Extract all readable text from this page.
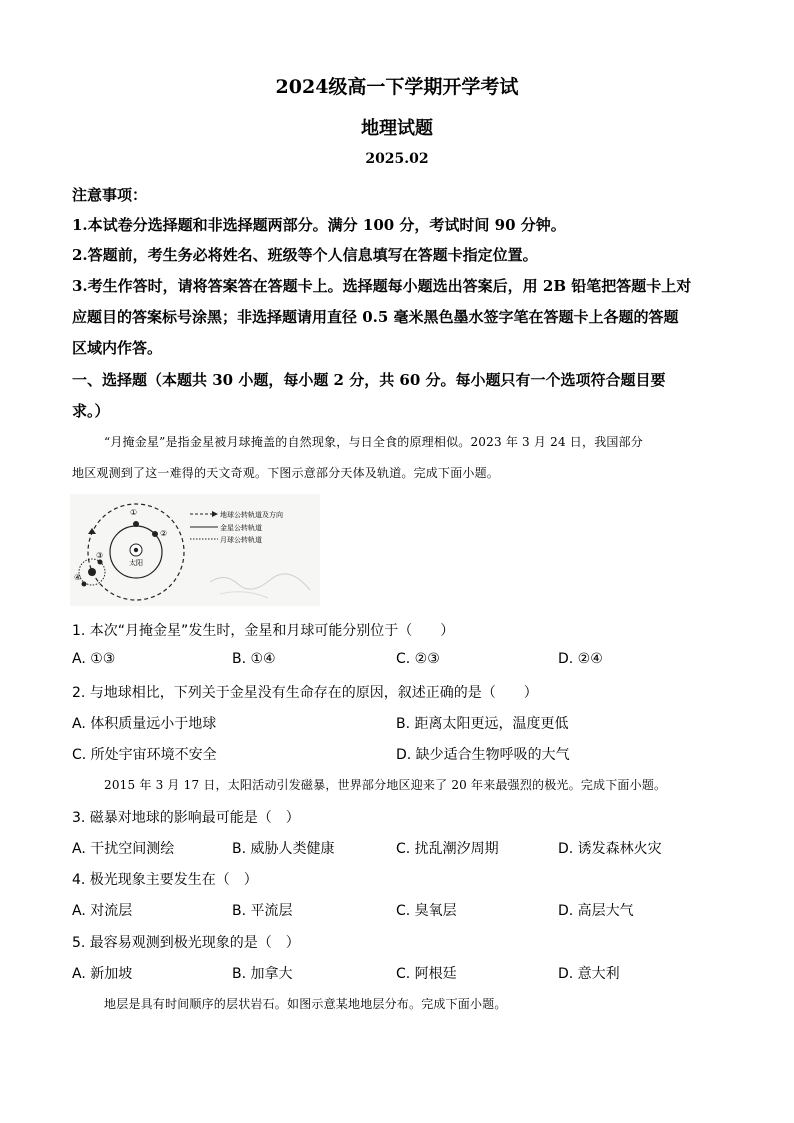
2024级高一下学期开学考试
地理试题
2025.02
注意事项：
1.本试卷分选择题和非选择题两部分。满分 100 分，考试时间 90 分钟。
2.答题前，考生务必将姓名、班级等个人信息填写在答题卡指定位置。
3.考生作答时，请将答案答在答题卡上。选择题每小题选出答案后，用 2B 铅笔把答题卡上对
应题目的答案标号涂黑；非选择题请用直径 0.5 毫米黑色墨水签字笔在答题卡上各题的答题
区域内作答。
一、选择题（本题共 30 小题，每小题 2 分，共 60 分。每小题只有一个选项符合题目要
求。）
“月掩金星”是指金星被月球掩盖的自然现象，与日全食的原理相似。2023 年 3 月 24 日，我国部分
地区观测到了这一难得的天文奇观。下图示意部分天体及轨道。完成下面小题。
太阳
①
②
③
④
地球公转轨道及方向
金星公转轨道
月球公转轨道
1. 本次“月掩金星”发生时，金星和月球可能分别位于（　　）
A. ①③	B. ①④	C. ②③	D. ②④
2. 与地球相比，下列关于金星没有生命存在的原因，叙述正确的是（　　）
A. 体积质量远小于地球	B. 距离太阳更远，温度更低
C. 所处宇宙环境不安全	D. 缺少适合生物呼吸的大气
2015 年 3 月 17 日，太阳活动引发磁暴，世界部分地区迎来了 20 年来最强烈的极光。完成下面小题。
3. 磁暴对地球的影响最可能是（　）
A. 干扰空间测绘	B. 威胁人类健康	C. 扰乱潮汐周期	D. 诱发森林火灾
4. 极光现象主要发生在（　）
A. 对流层	B. 平流层	C. 臭氧层	D. 高层大气
5. 最容易观测到极光现象的是（　）
A. 新加坡	B. 加拿大	C. 阿根廷	D. 意大利
地层是具有时间顺序的层状岩石。如图示意某地地层分布。完成下面小题。
